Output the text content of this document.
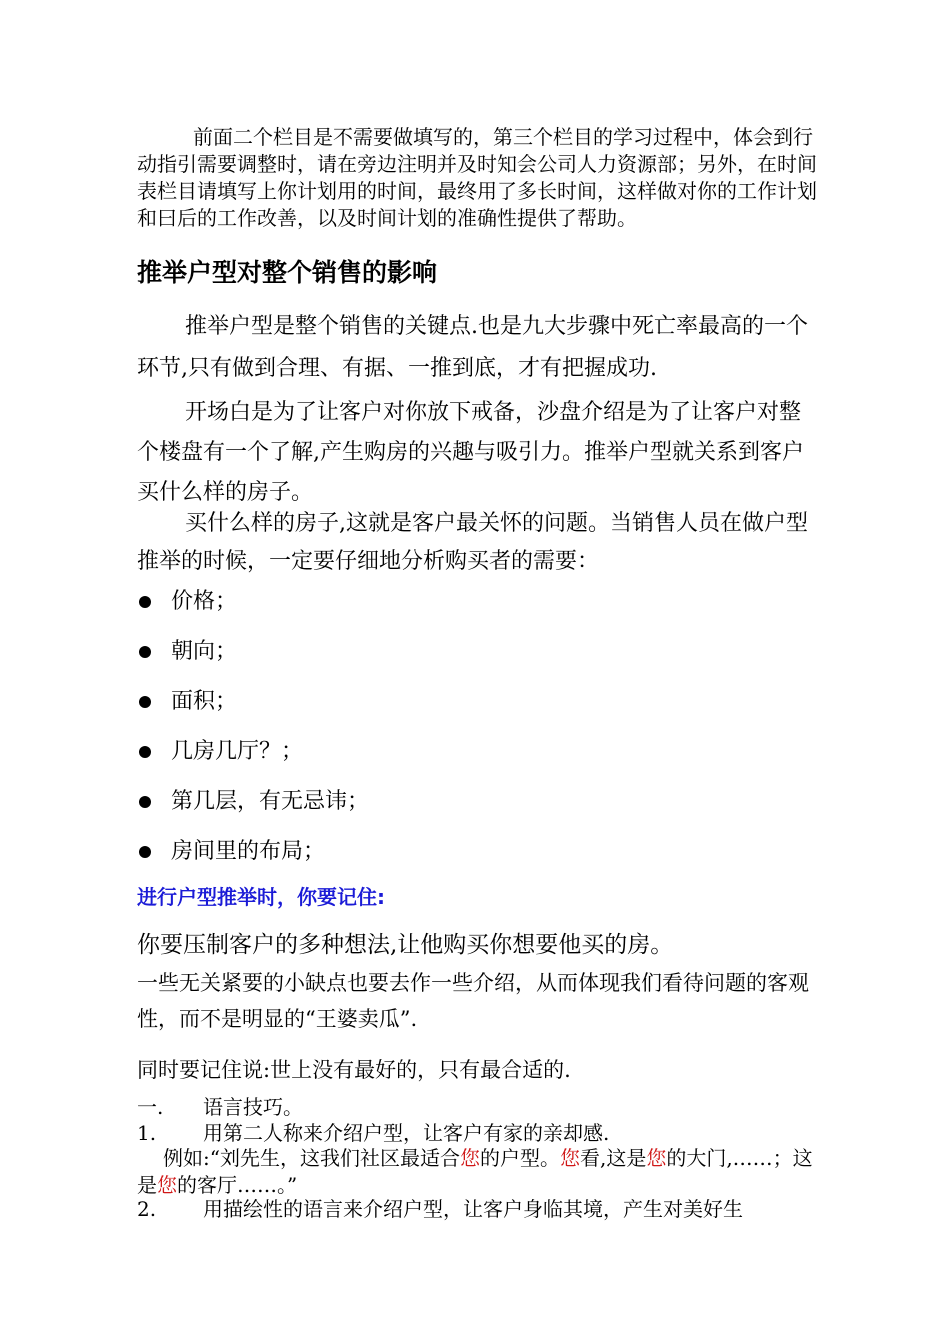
前面二个栏目是不需要做填写的，第三个栏目的学习过程中，体会到行动指引需要调整时，请在旁边注明并及时知会公司人力资源部；另外，在时间表栏目请填写上你计划用的时间，最终用了多长时间，这样做对你的工作计划和曰后的工作改善，以及时间计划的准确性提供了帮助。

推举户型对整个销售的影响

推举户型是整个销售的关键点.也是九大步骤中死亡率最高的一个环节,只有做到合理、有据、一推到底，才有把握成功.

开场白是为了让客户对你放下戒备，沙盘介绍是为了让客户对整个楼盘有一个了解,产生购房的兴趣与吸引力。推举户型就关系到客户买什么样的房子。

买什么样的房子,这就是客户最关怀的问题。当销售人员在做户型推举的时候，一定要仔细地分析购买者的需要：

价格；
朝向；
面积；
几房几厅？；
第几层，有无忌讳；
房间里的布局；

进行户型推举时，你要记住:

你要压制客户的多种想法,让他购买你想要他买的房。

一些无关紧要的小缺点也要去作一些介绍，从而体现我们看待问题的客观性，而不是明显的“王婆卖瓜”.

同时要记住说:世上没有最好的，只有最合适的.

一. 语言技巧。

1. 用第二人称来介绍户型，让客户有家的亲却感.

例如:“刘先生，这我们社区最适合您的户型。您看,这是您的大门,……；这是您的客厅……。”

2. 用描绘性的语言来介绍户型，让客户身临其境，产生对美好生
